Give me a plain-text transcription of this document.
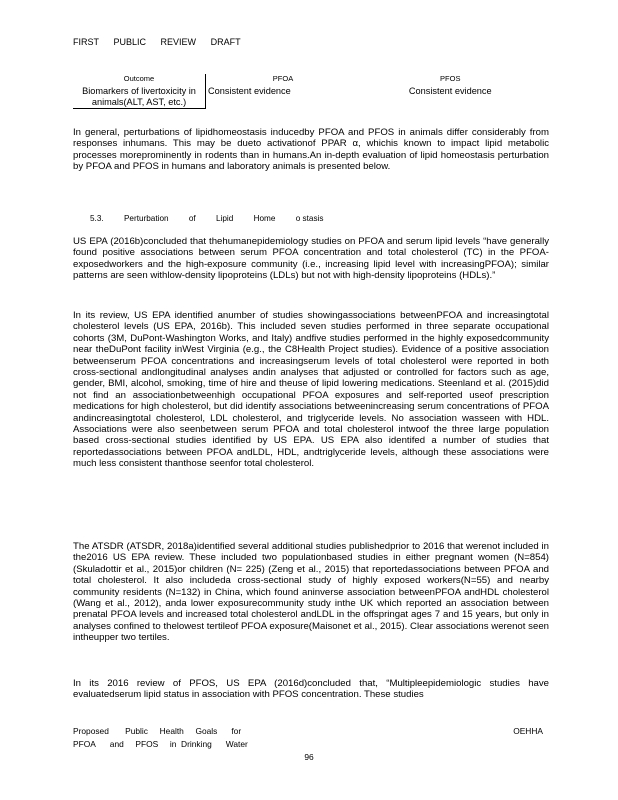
FIRST PUBLIC REVIEW DRAFT
Outcome	PFOA	PFOS
Biomarkers of livertoxicity in animals(ALT, AST, etc.)	Consistent evidence	Consistent evidence

In general, perturbations of lipidhomeostasis inducedby PFOA and PFOS in animals differ considerably from responses inhumans. This may be dueto activationof PPAR α, whichis known to impact lipid metabolic processes moreprominently in rodents than in humans.An in-depth evaluation of lipid homeostasis perturbation by PFOA and PFOS in humans and laboratory animals is presented below.

5.3. Perturbation of Lipid Home o stasis

US EPA (2016b)concluded that thehumanepidemiology studies on PFOA and serum lipid levels “have generally found positive associations between serum PFOA concentration and total cholesterol (TC) in the PFOA- exposedworkers and the high-exposure community (i.e., increasing lipid level with increasingPFOA); similar patterns are seen withlow-density lipoproteins (LDLs) but not with high-density lipoproteins (HDLs).”

In its review, US EPA identified anumber of studies showingassociations betweenPFOA and increasingtotal cholesterol levels (US EPA, 2016b). This included seven studies performed in three separate occupational cohorts (3M, DuPont-Washington Works, and Italy) andfive studies performed in the highly exposedcommunity near theDuPont facility inWest Virginia (e.g., the C8Health Project studies). Evidence of a positive association betweenserum PFOA concentrations and increasingserum levels of total cholesterol were reported in both cross-sectional andlongitudinal analyses andin analyses that adjusted or controlled for factors such as age, gender, BMI, alcohol, smoking, time of hire and theuse of lipid lowering medications. Steenland et al. (2015)did not find an associationbetweenhigh occupational PFOA exposures and self-reported useof prescription medications for high cholesterol, but did identify associations betweenincreasing serum concentrations of PFOA andincreasingtotal cholesterol, LDL cholesterol, and triglyceride levels. No association wasseen with HDL. Associations were also seenbetween serum PFOA and total cholesterol intwoof the three large population based cross-sectional studies identified by US EPA. US EPA also identifed a number of studies that reportedassociations between PFOA andLDL, HDL, andtriglyceride levels, although these associations were much less consistent thanthose seenfor total cholesterol.

The ATSDR (ATSDR, 2018a)identified several additional studies publishedprior to 2016 that werenot included in the2016 US EPA review. These included two populationbased studies in either pregnant women (N=854) (Skuladottir et al., 2015)or children (N= 225) (Zeng et al., 2015) that reportedassociations between PFOA and total cholesterol. It also includeda cross-sectional study of highly exposed workers(N=55) and nearby community residents (N=132) in China, which found aninverse association betweenPFOA andHDL cholesterol (Wang et al., 2012), anda lower exposurecommunity study inthe UK which reported an association between prenatal PFOA levels and increased total cholesterol andLDL in the offspringat ages 7 and 15 years, but only in analyses confined to thelowest tertileof PFOA exposure(Maisonet et al., 2015). Clear associations werenot seen intheupper two tertiles.

In its 2016 review of PFOS, US EPA (2016d)concluded that, “Multipleepidemiologic studies have evaluatedserum lipid status in association with PFOS concentration. These studies

Proposed Public Health Goals for
PFOA and PFOS in Drinking Water
OEHHA
96
